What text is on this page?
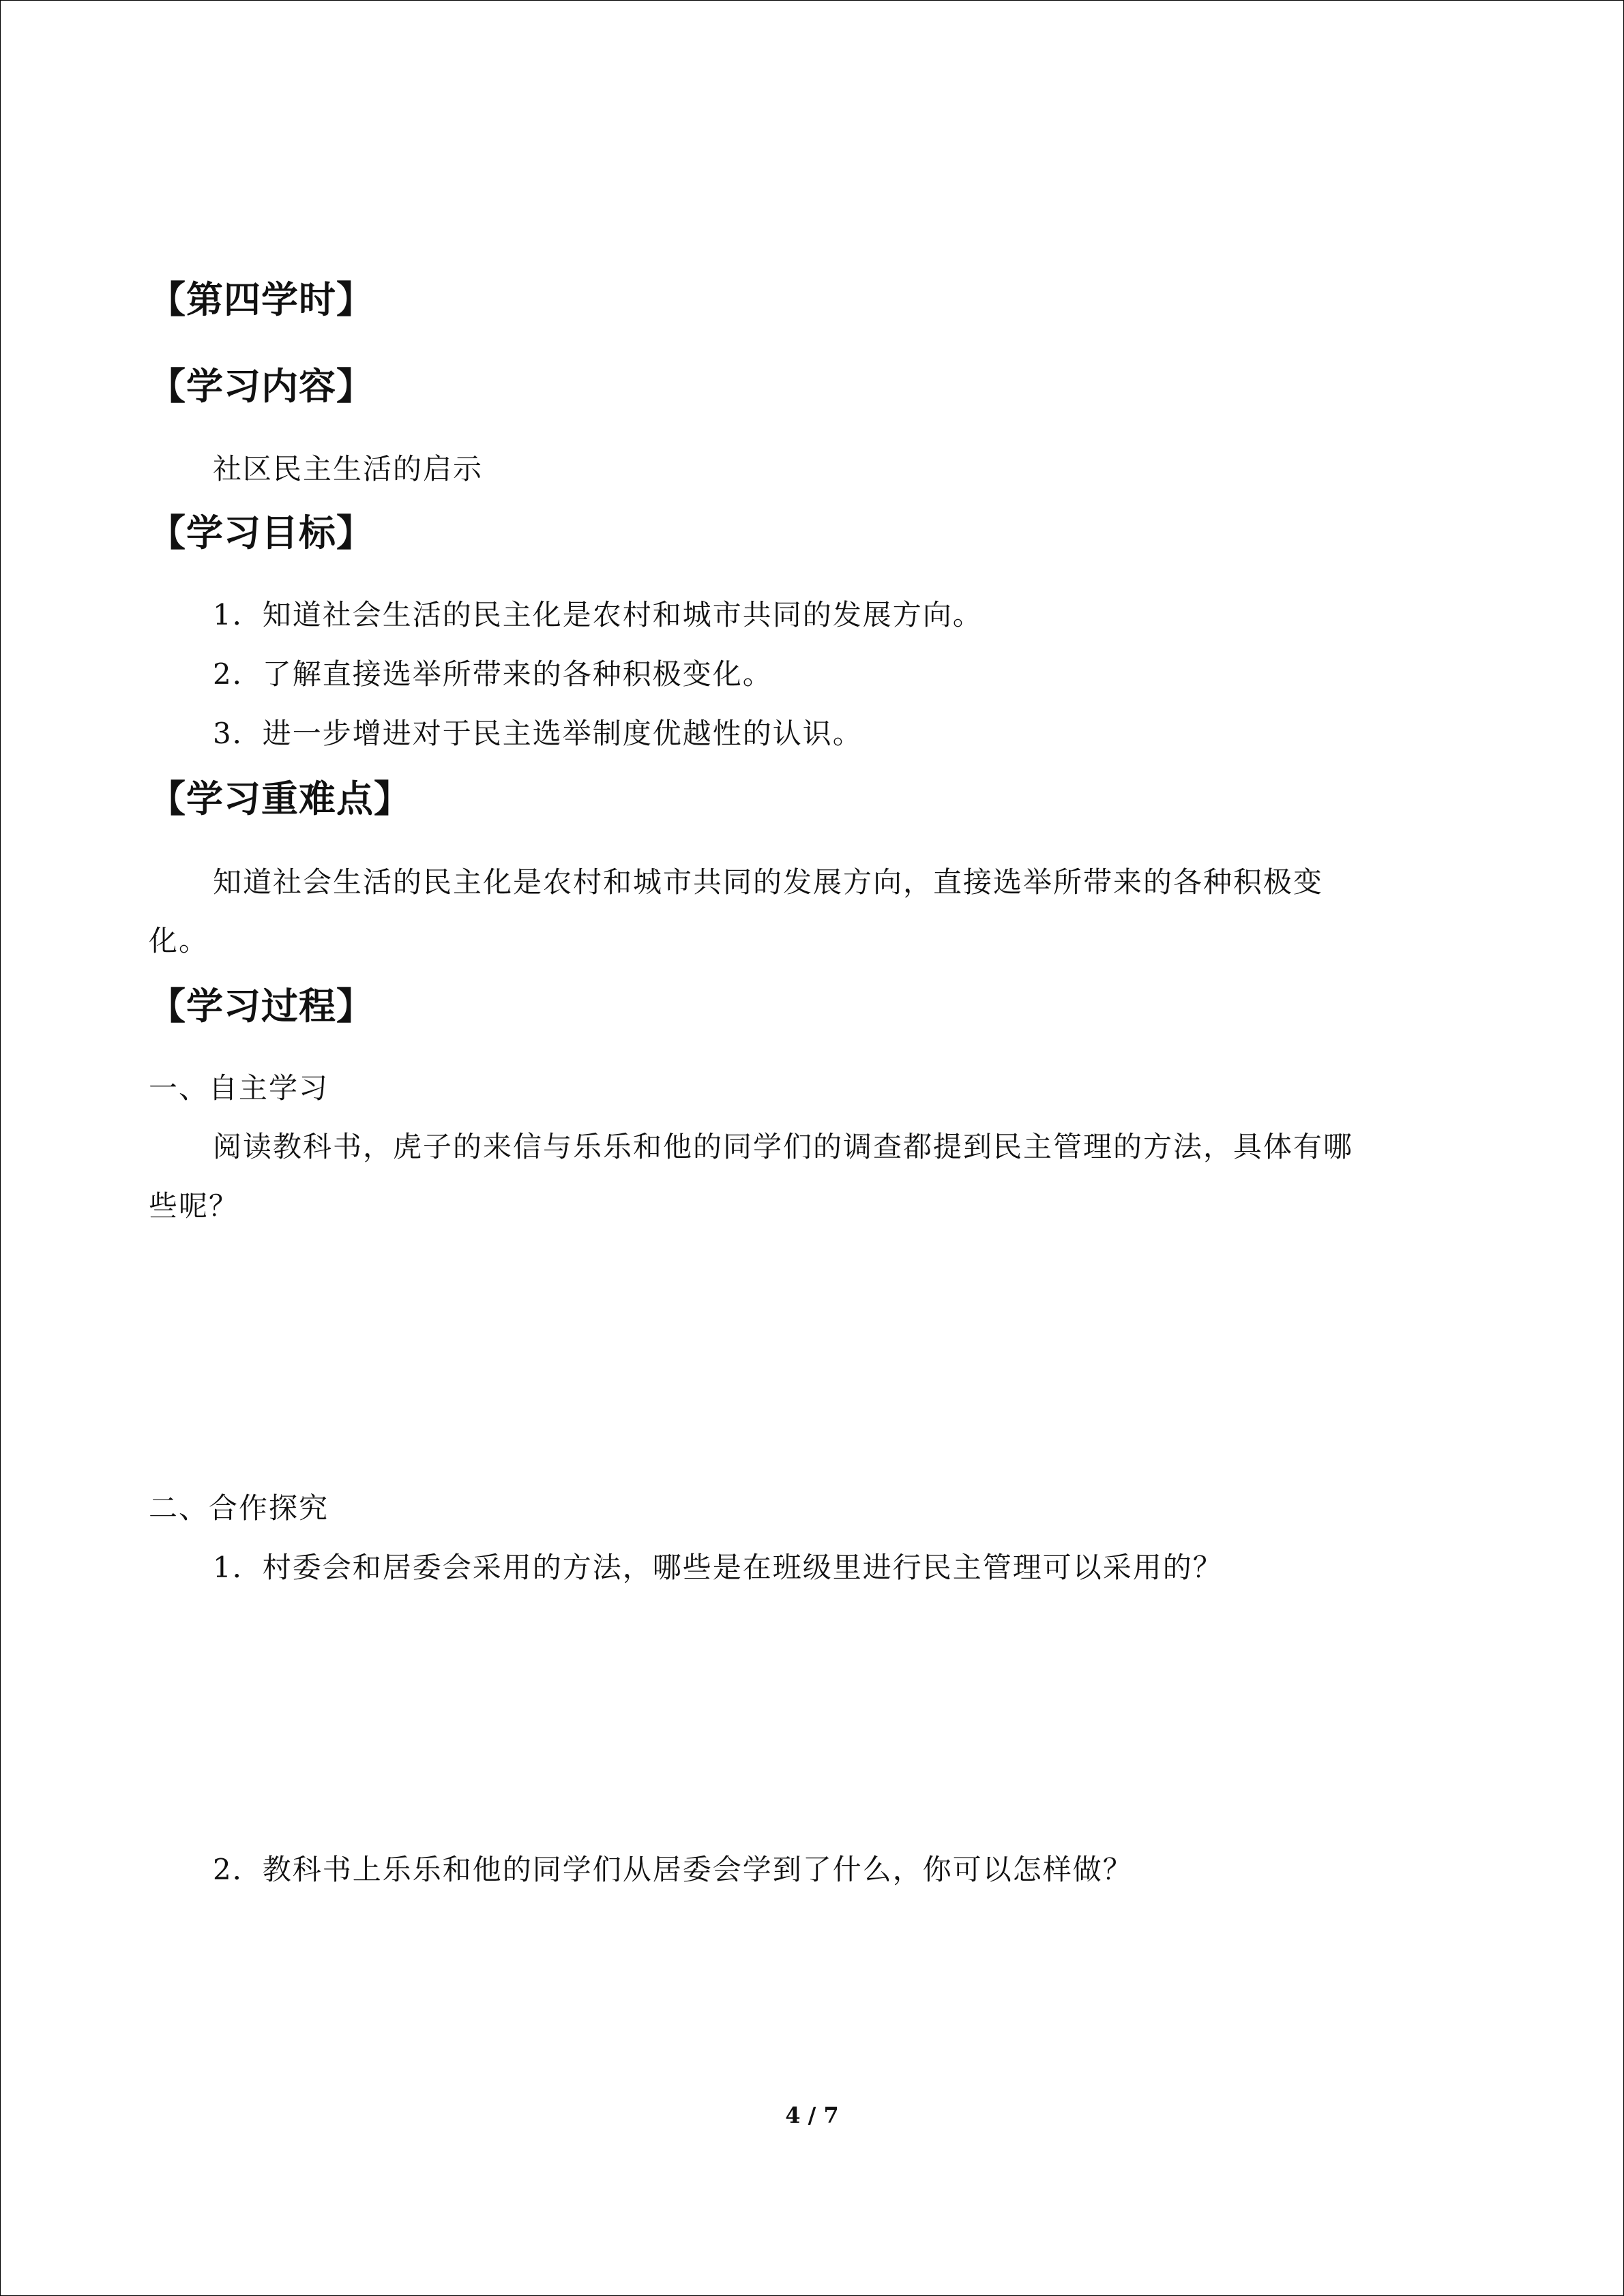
【第四学时】
【学习内容】
社区民主生活的启示
【学习目标】
1．知道社会生活的民主化是农村和城市共同的发展方向。
2．了解直接选举所带来的各种积极变化。
3．进一步增进对于民主选举制度优越性的认识。
【学习重难点】
知道社会生活的民主化是农村和城市共同的发展方向，直接选举所带来的各种积极变
化。
【学习过程】
一、自主学习
阅读教科书，虎子的来信与乐乐和他的同学们的调查都提到民主管理的方法，具体有哪
些呢？
二、合作探究
1．村委会和居委会采用的方法，哪些是在班级里进行民主管理可以采用的？
2．教科书上乐乐和他的同学们从居委会学到了什么，你可以怎样做？
4 / 7
